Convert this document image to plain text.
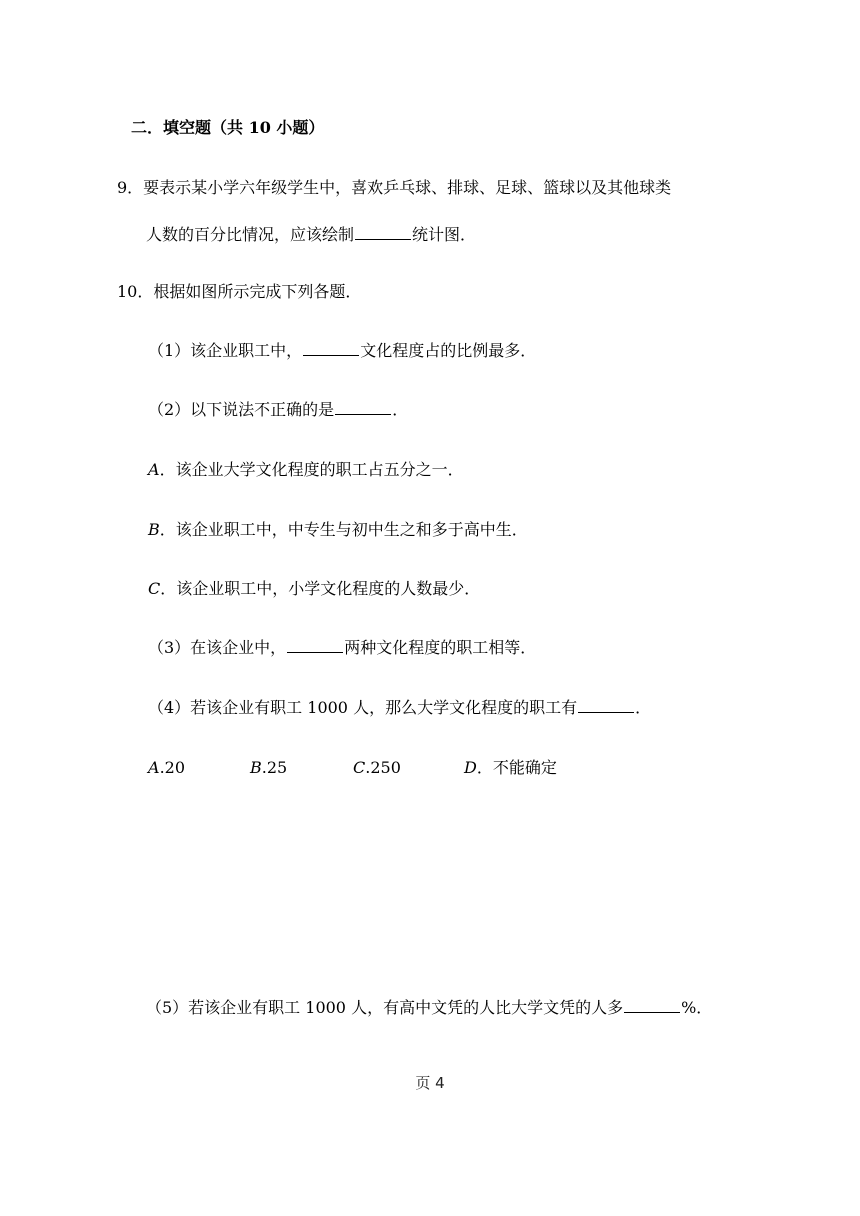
二．填空题（共 10 小题）
9．要表示某小学六年级学生中，喜欢乒乓球、排球、足球、篮球以及其他球类
人数的百分比情况，应该绘制	统计图．
10．根据如图所示完成下列各题．
（1）该企业职工中，	文化程度占的比例最多．
（2）以下说法不正确的是	．
A．该企业大学文化程度的职工占五分之一．
B．该企业职工中，中专生与初中生之和多于高中生．
C．该企业职工中，小学文化程度的人数最少．
（3）在该企业中，	两种文化程度的职工相等．
（4）若该企业有职工 1000 人，那么大学文化程度的职工有	．
A.20	B.25	C.250	D．不能确定
（5）若该企业有职工 1000 人，有高中文凭的人比大学文凭的人多	%．
页 4
